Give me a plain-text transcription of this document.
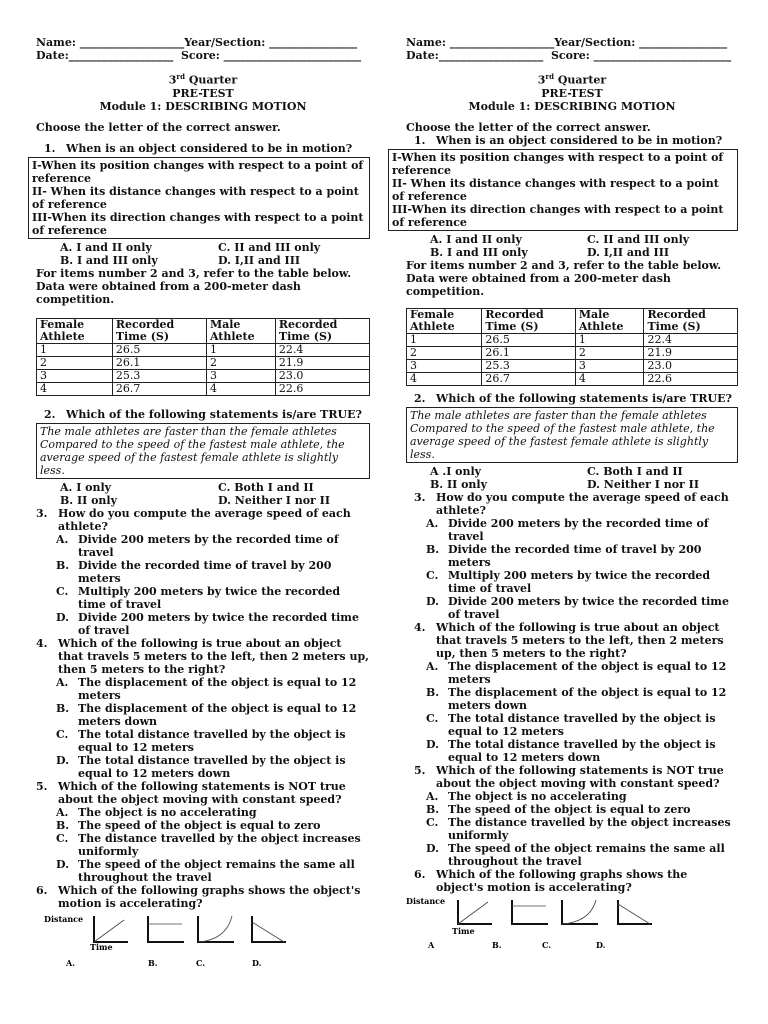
Name: ___________________Year/Section: ________________

Date:___________________  Score: _________________________

3rd Quarter
PRE-TEST
Module 1: DESCRIBING MOTION
Choose the letter of the correct answer.
1. When is an object considered to be in motion?
I-When its position changes with respect to a point of reference
II- When its distance changes with respect to a point of reference
III-When its direction changes with respect to a point of reference
A. I and II only	C. II and III only
B. I and III only	D. I,II and III
For items number 2 and 3, refer to the table below. Data were obtained from a 200-meter dash competition.
Female Athlete	Recorded Time (S)	Male Athlete	Recorded Time (S)
1	26.5	1	22.4
2	26.1	2	21.9
3	25.3	3	23.0
4	26.7	4	22.6
2. Which of the following statements is/are TRUE?
The male athletes are faster than the female athletes Compared to the speed of the fastest male athlete, the average speed of the fastest female athlete is slightly less.
A. I only	C. Both I and II
B. II only	D. Neither I nor II
3. How do you compute the average speed of each athlete?
A. Divide 200 meters by the recorded time of travel
B. Divide the recorded time of travel by 200 meters
C. Multiply 200 meters by twice the recorded time of travel
D. Divide 200 meters by twice the recorded time of travel
4. Which of the following is true about an object that travels 5 meters to the left, then 2 meters up, then 5 meters to the right?
A. The displacement of the object is equal to 12 meters
B. The displacement of the object is equal to 12 meters down
C. The total distance travelled by the object is equal to 12 meters
D. The total distance travelled by the object is equal to 12 meters down
5. Which of the following statements is NOT true about the object moving with constant speed?
A. The object is no accelerating
B. The speed of the object is equal to zero
C. The distance travelled by the object increases uniformly
D. The speed of the object remains the same all throughout the travel
6. Which of the following graphs shows the object's motion is accelerating?
Distance
Time
A.	B.	C.	D.

Name: ___________________Year/Section: ________________

Date:___________________  Score: _________________________

3rd Quarter
PRE-TEST
Module 1: DESCRIBING MOTION
Choose the letter of the correct answer.
1. When is an object considered to be in motion?
I-When its position changes with respect to a point of reference
II- When its distance changes with respect to a point of reference
III-When its direction changes with respect to a point of reference
A. I and II only	C. II and III only
B. I and III only	D. I,II and III
For items number 2 and 3, refer to the table below. Data were obtained from a 200-meter dash competition.
Female Athlete	Recorded Time (S)	Male Athlete	Recorded Time (S)
1	26.5	1	22.4
2	26.1	2	21.9
3	25.3	3	23.0
4	26.7	4	22.6
2. Which of the following statements is/are TRUE?
The male athletes are faster than the female athletes Compared to the speed of the fastest male athlete, the average speed of the fastest female athlete is slightly less.
A .I only	C. Both I and II
B. II only	D. Neither I nor II
3. How do you compute the average speed of each athlete?
A. Divide 200 meters by the recorded time of travel
B. Divide the recorded time of travel by 200 meters
C. Multiply 200 meters by twice the recorded time of travel
D. Divide 200 meters by twice the recorded time of travel
4. Which of the following is true about an object that travels 5 meters to the left, then 2 meters up, then 5 meters to the right?
A. The displacement of the object is equal to 12 meters
B. The displacement of the object is equal to 12 meters down
C. The total distance travelled by the object is equal to 12 meters
D. The total distance travelled by the object is equal to 12 meters down
5. Which of the following statements is NOT true about the object moving with constant speed?
A. The object is no accelerating
B. The speed of the object is equal to zero
C. The distance travelled by the object increases uniformly
D. The speed of the object remains the same all throughout the travel
6. Which of the following graphs shows the object's motion is accelerating?
Distance
Time
A	B.	C.	D.
